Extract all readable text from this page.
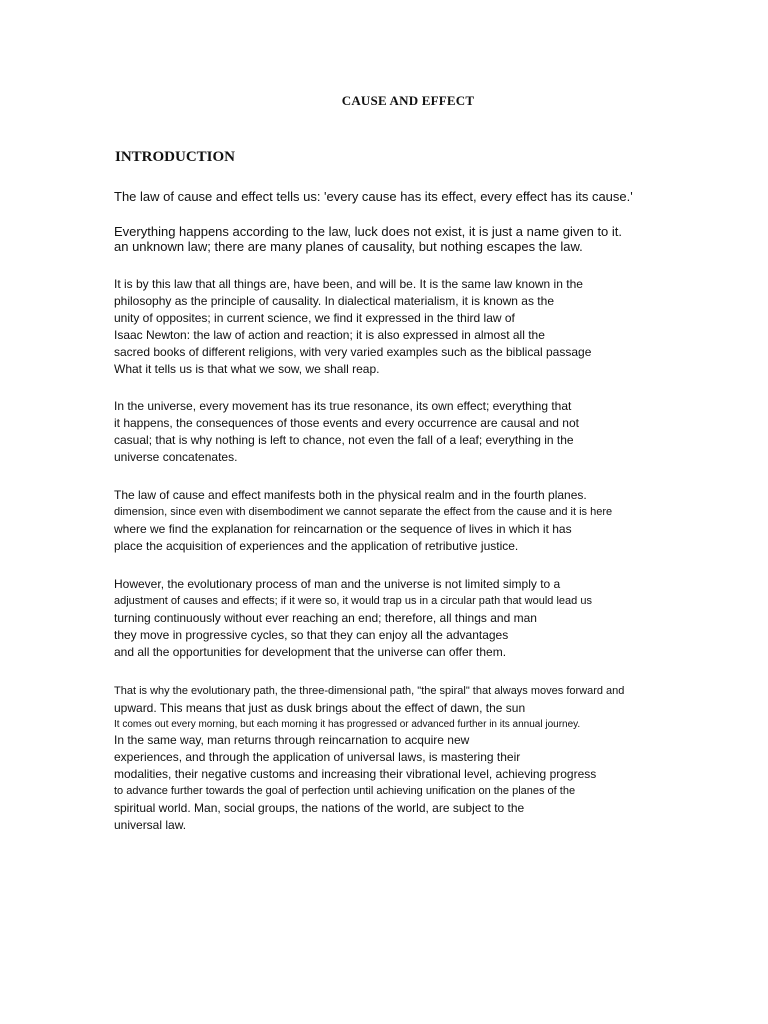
CAUSE AND EFFECT
INTRODUCTION
The law of cause and effect tells us: 'every cause has its effect, every effect has its cause.'
Everything happens according to the law, luck does not exist, it is just a name given to it.
an unknown law; there are many planes of causality, but nothing escapes the law.
It is by this law that all things are, have been, and will be. It is the same law known in the
philosophy as the principle of causality. In dialectical materialism, it is known as the
unity of opposites; in current science, we find it expressed in the third law of
Isaac Newton: the law of action and reaction; it is also expressed in almost all the
sacred books of different religions, with very varied examples such as the biblical passage
What it tells us is that what we sow, we shall reap.
In the universe, every movement has its true resonance, its own effect; everything that
it happens, the consequences of those events and every occurrence are causal and not
casual; that is why nothing is left to chance, not even the fall of a leaf; everything in the
universe concatenates.
The law of cause and effect manifests both in the physical realm and in the fourth planes.
dimension, since even with disembodiment we cannot separate the effect from the cause and it is here
where we find the explanation for reincarnation or the sequence of lives in which it has
place the acquisition of experiences and the application of retributive justice.
However, the evolutionary process of man and the universe is not limited simply to a
adjustment of causes and effects; if it were so, it would trap us in a circular path that would lead us
turning continuously without ever reaching an end; therefore, all things and man
they move in progressive cycles, so that they can enjoy all the advantages
and all the opportunities for development that the universe can offer them.
That is why the evolutionary path, the three-dimensional path, "the spiral" that always moves forward and
upward. This means that just as dusk brings about the effect of dawn, the sun
It comes out every morning, but each morning it has progressed or advanced further in its annual journey.
In the same way, man returns through reincarnation to acquire new
experiences, and through the application of universal laws, is mastering their
modalities, their negative customs and increasing their vibrational level, achieving progress
to advance further towards the goal of perfection until achieving unification on the planes of the
spiritual world. Man, social groups, the nations of the world, are subject to the
universal law.
